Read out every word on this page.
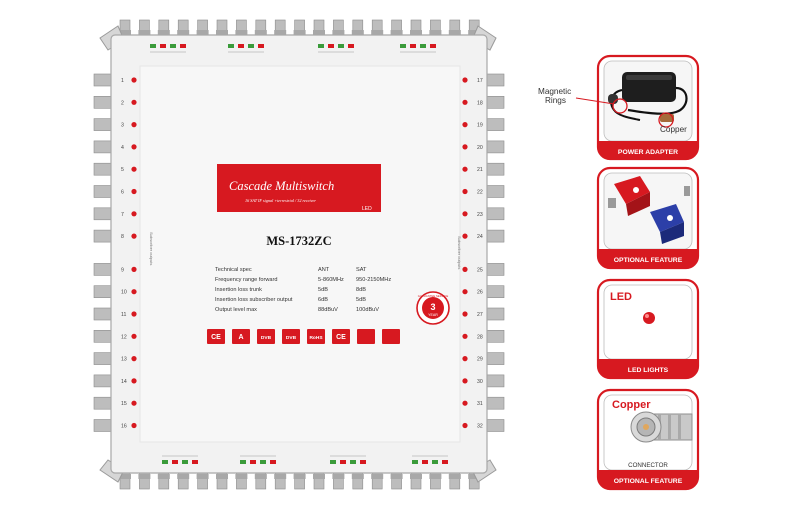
1
2
3
4
5
6
7
8
9
10
11
12
13
14
15
16
17
18
19
20
21
22
23
24
25
26
27
28
29
30
31
32
Subscriber outputs	Subscriber outputs
Cascade Multiswitch
16 SAT IF signal +terrestrial / 32 receiver
LED
MS-1732ZC
Technical spec	ANT	SAT
Frequency range forward	5-860MHz 950-2150MHz
Insertion loss trunk	5dB	8dB
Insertion loss subscriber output	6dB	5dB
Output level max	88dBuV	100dBuV	3
YEAR
GUARANTEE SERVICE
CE	A	DVB	DVB	RoHS CE
POWER ADAPTER
Magnetic
Rings
Copper
OPTIONAL FEATURE
LED LIGHTS
LED
OPTIONAL FEATURE
Copper
CONNECTOR
